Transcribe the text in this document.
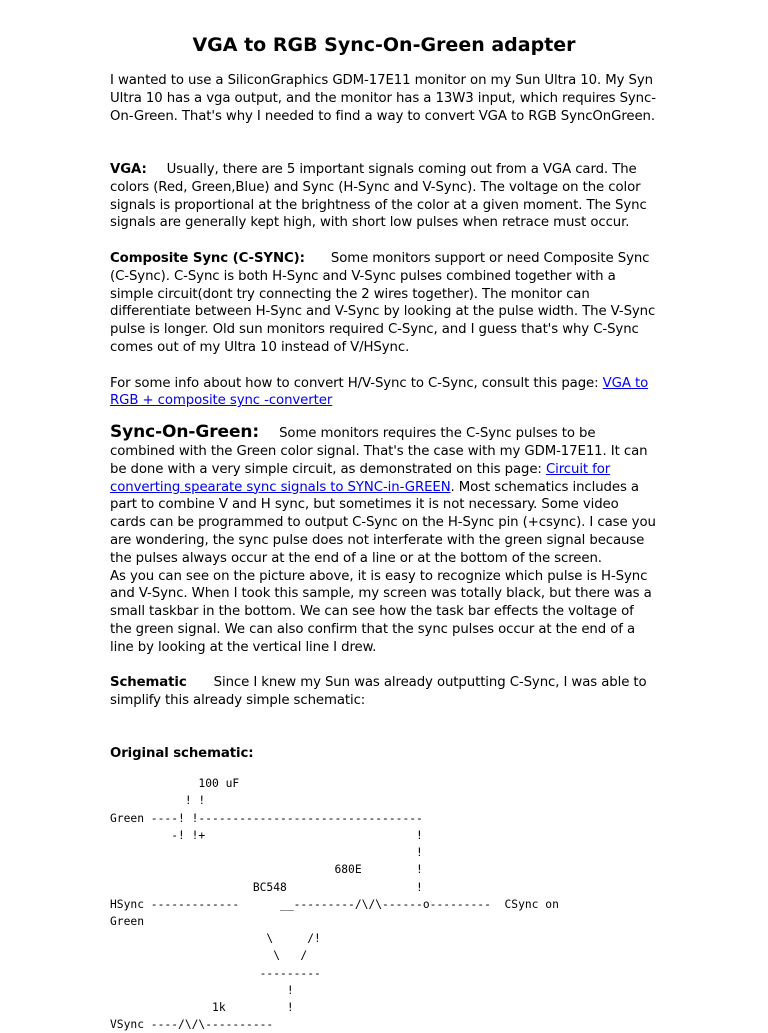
VGA to RGB Sync-On-Green adapter

I wanted to use a SiliconGraphics GDM-17E11 monitor on my Sun Ultra 10. My Syn Ultra 10 has a vga output, and the monitor has a 13W3 input, which requires Sync-On-Green. That's why I needed to find a way to convert VGA to RGB SyncOnGreen.

VGA: Usually, there are 5 important signals coming out from a VGA card. The colors (Red, Green,Blue) and Sync (H-Sync and V-Sync). The voltage on the color signals is proportional at the brightness of the color at a given moment. The Sync signals are generally kept high, with short low pulses when retrace must occur.

Composite Sync (C-SYNC): Some monitors support or need Composite Sync (C-Sync). C-Sync is both H-Sync and V-Sync pulses combined together with a simple circuit(dont try connecting the 2 wires together). The monitor can differentiate between H-Sync and V-Sync by looking at the pulse width. The V-Sync pulse is longer. Old sun monitors required C-Sync, and I guess that's why C-Sync comes out of my Ultra 10 instead of V/HSync.

For some info about how to convert H/V-Sync to C-Sync, consult this page: VGA to RGB + composite sync -converter

Sync-On-Green: Some monitors requires the C-Sync pulses to be combined with the Green color signal. That's the case with my GDM-17E11. It can be done with a very simple circuit, as demonstrated on this page: Circuit for converting spearate sync signals to SYNC-in-GREEN. Most schematics includes a part to combine V and H sync, but sometimes it is not necessary. Some video cards can be programmed to output C-Sync on the H-Sync pin (+csync). I case you are wondering, the sync pulse does not interferate with the green signal because the pulses always occur at the end of a line or at the bottom of the screen.

As you can see on the picture above, it is easy to recognize which pulse is H-Sync and V-Sync. When I took this sample, my screen was totally black, but there was a small taskbar in the bottom. We can see how the task bar effects the voltage of the green signal. We can also confirm that the sync pulses occur at the end of a line by looking at the vertical line I drew.

Schematic Since I knew my Sun was already outputting C-Sync, I was able to simplify this already simple schematic:

Original schematic:

100 uF
! !
Green ----! !---------------------------------
-! !+                               !
!
680E        !
BC548                   !
HSync -------------      __---------/\/\------o---------  CSync on
Green
\     /!
\   /
---------
!
1k         !
VSync ----/\/\----------
